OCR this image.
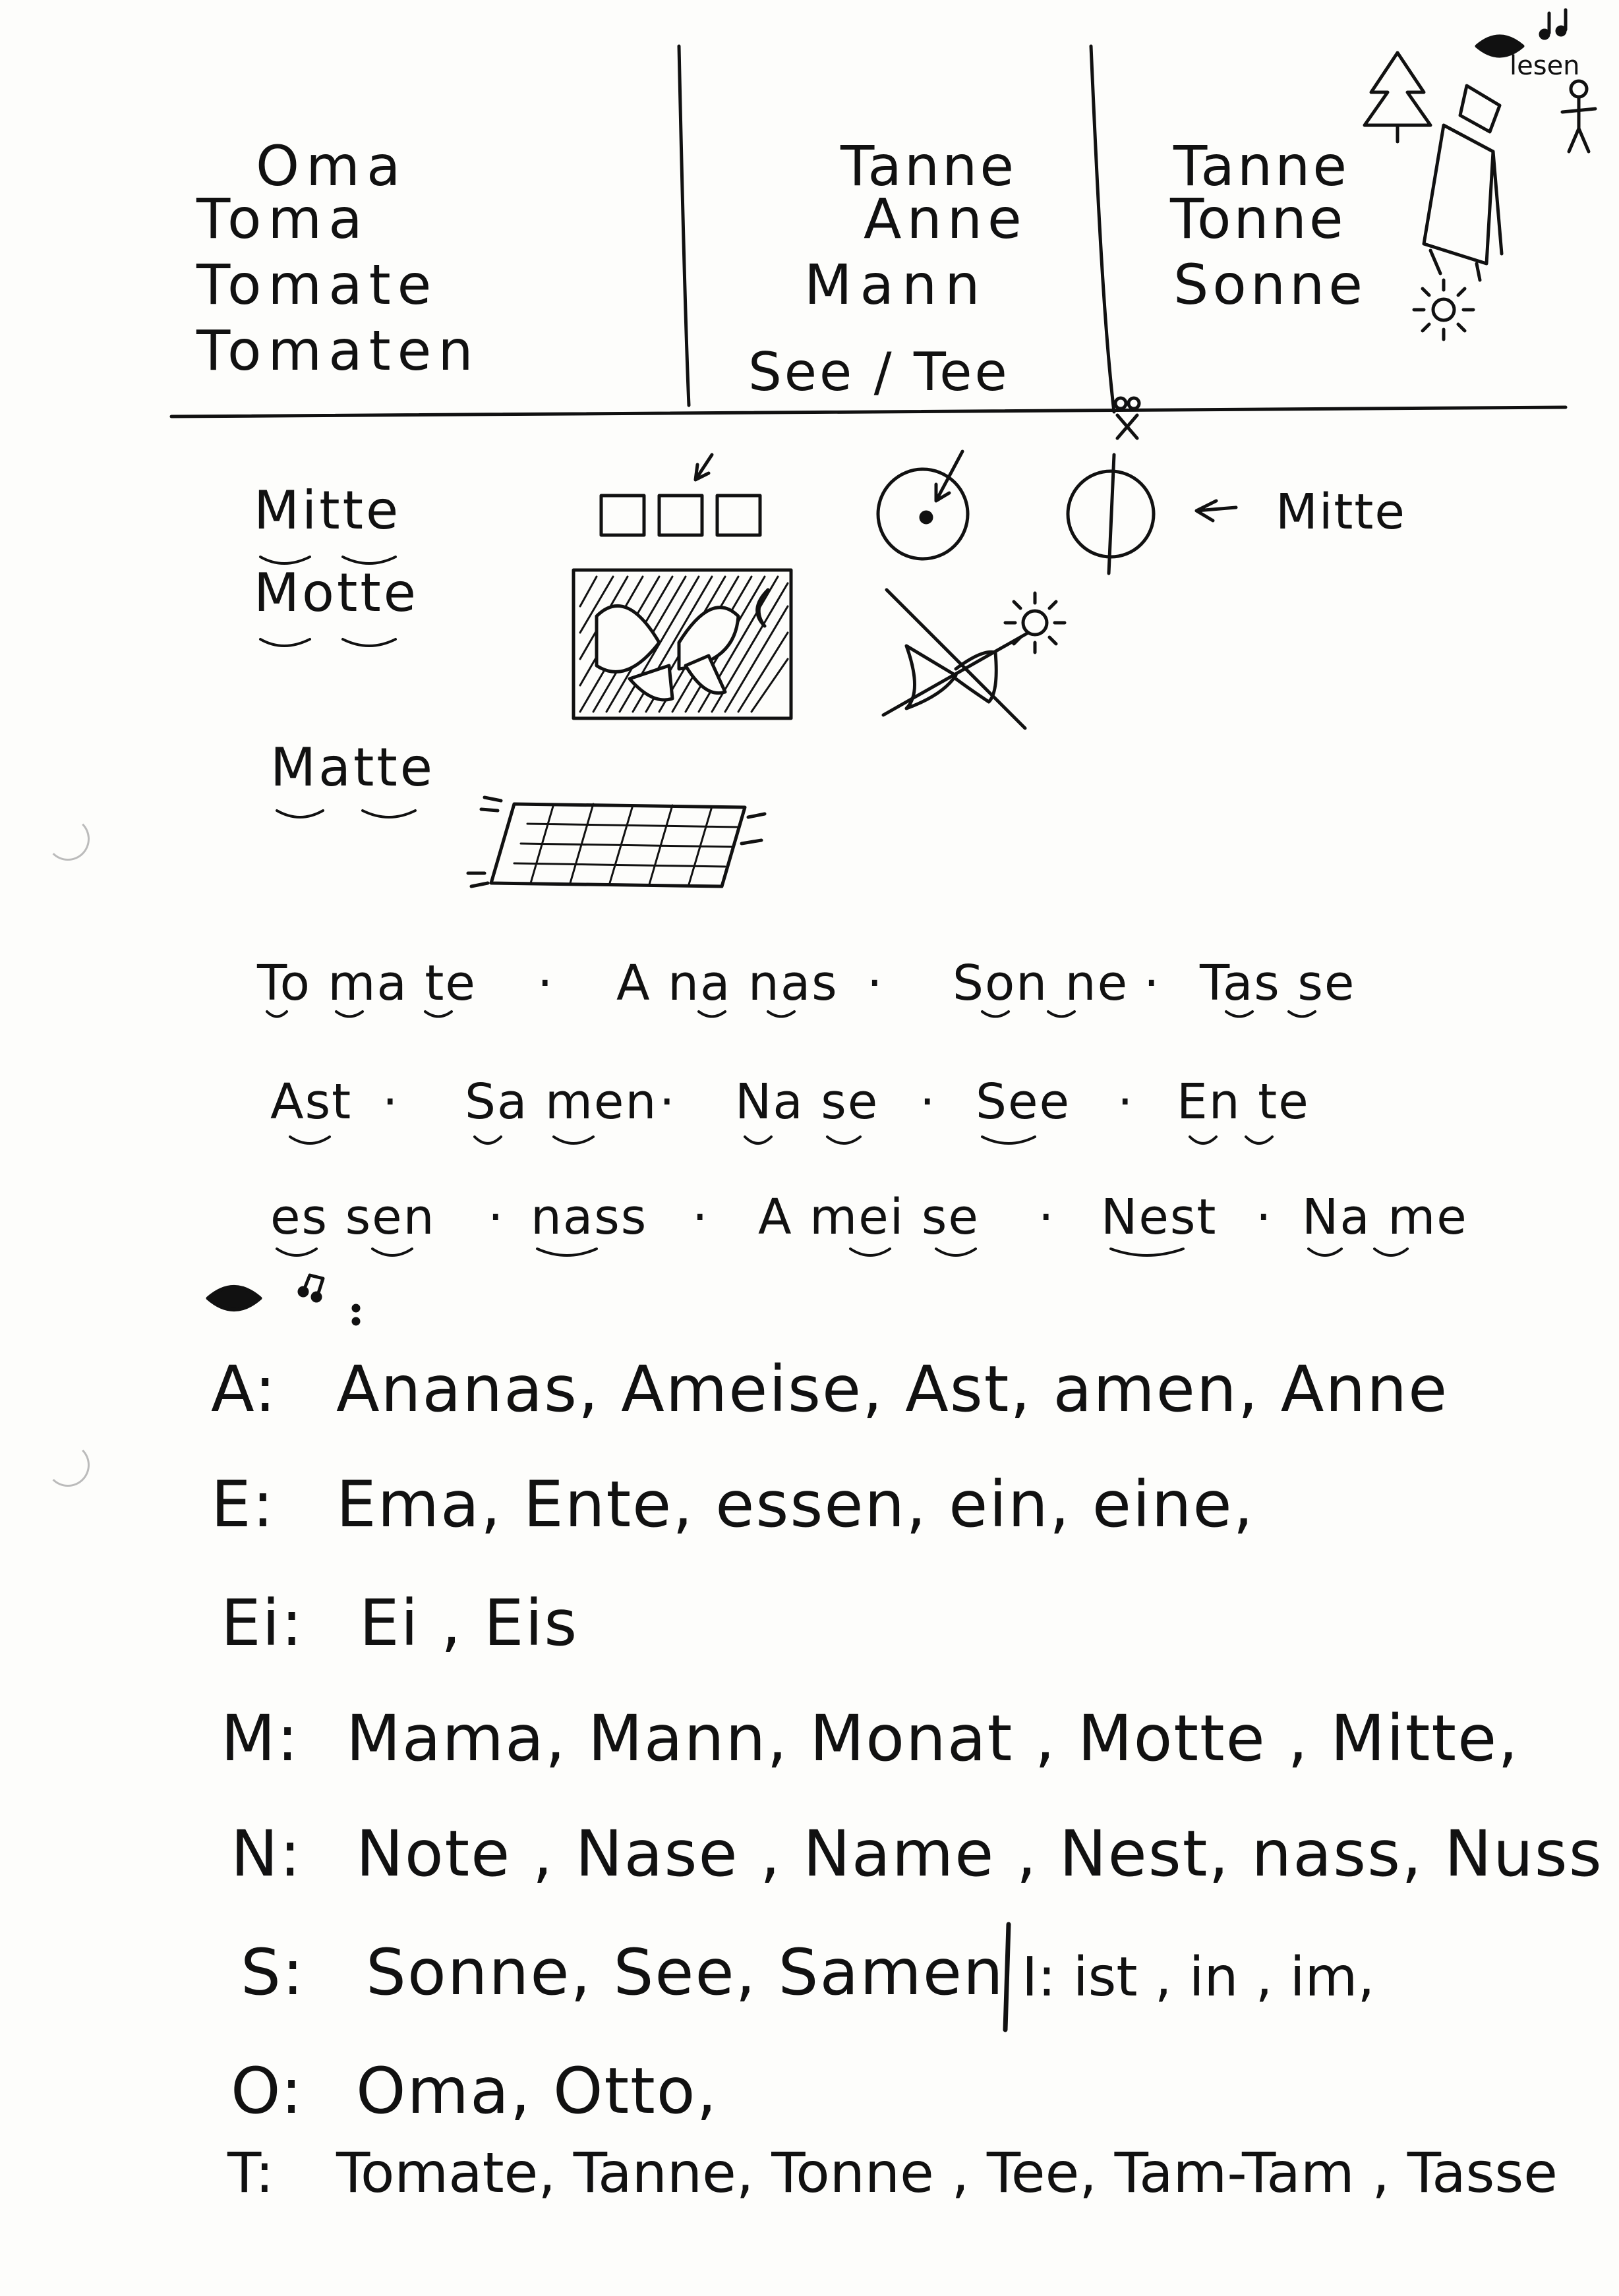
Oma
Toma
Tomate
Tomaten
Tanne
Anne
Mann
See / Tee
Tanne
Tonne
Sonne
lesen
Mitte
Motte
Matte
Mitte
To ma te · A na nas · Son ne · Tas se
Ast · Sa men · Na se · See · En te
es sen · nass · A mei se · Nest · Na me
A: Ananas, Ameise, Ast, amen, Anne
E: Ema, Ente, essen, ein, eine,
Ei: Ei , Eis
M: Mama, Mann, Monat , Motte , Mitte,
N: Note , Nase , Name , Nest, nass, Nuss
S: Sonne, See, Samen I: ist , in , im,
O: Oma, Otto,
T: Tomate, Tanne, Tonne , Tee, Tam-Tam , Tasse
